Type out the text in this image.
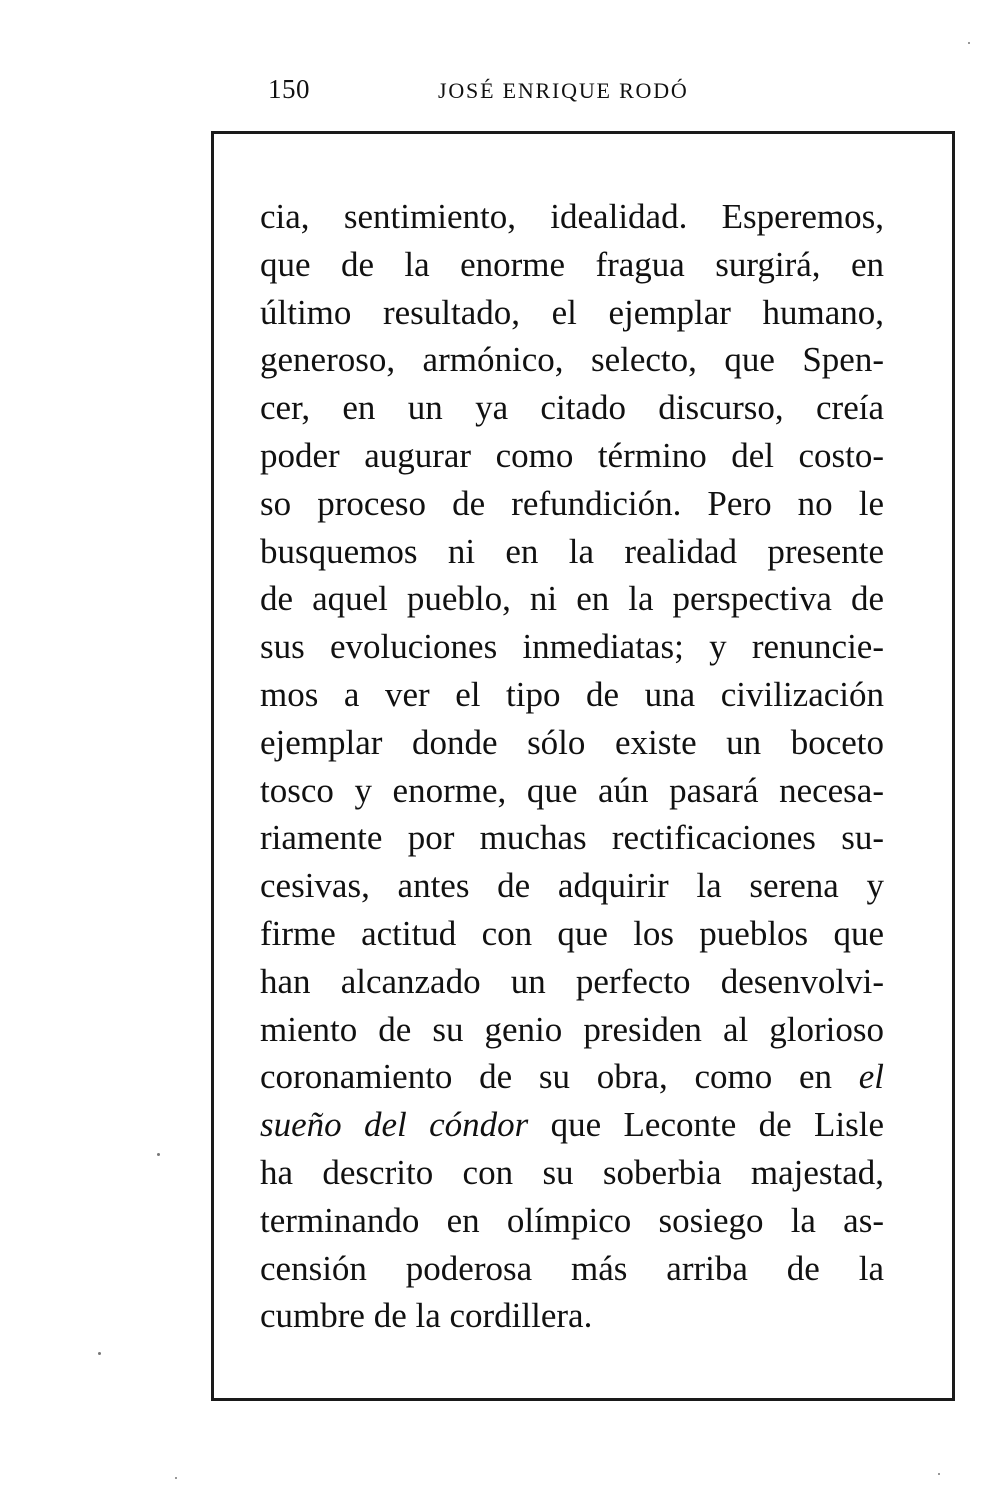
150	JOSÉ ENRIQUE RODÓ
cia, sentimiento, idealidad. Esperemos,
que de la enorme fragua surgirá, en
último resultado, el ejemplar humano,
generoso, armónico, selecto, que Spen-
cer, en un ya citado discurso, creía
poder augurar como término del costo-
so proceso de refundición. Pero no le
busquemos ni en la realidad presente
de aquel pueblo, ni en la perspectiva de
sus evoluciones inmediatas; y renuncie-
mos a ver el tipo de una civilización
ejemplar donde sólo existe un boceto
tosco y enorme, que aún pasará necesa-
riamente por muchas rectificaciones su-
cesivas, antes de adquirir la serena y
firme actitud con que los pueblos que
han alcanzado un perfecto desenvolvi-
miento de su genio presiden al glorioso
coronamiento de su obra, como en el
sueño del cóndor que Leconte de Lisle
ha descrito con su soberbia majestad,
terminando en olímpico sosiego la as-
censión poderosa más arriba de la
cumbre de la cordillera.
